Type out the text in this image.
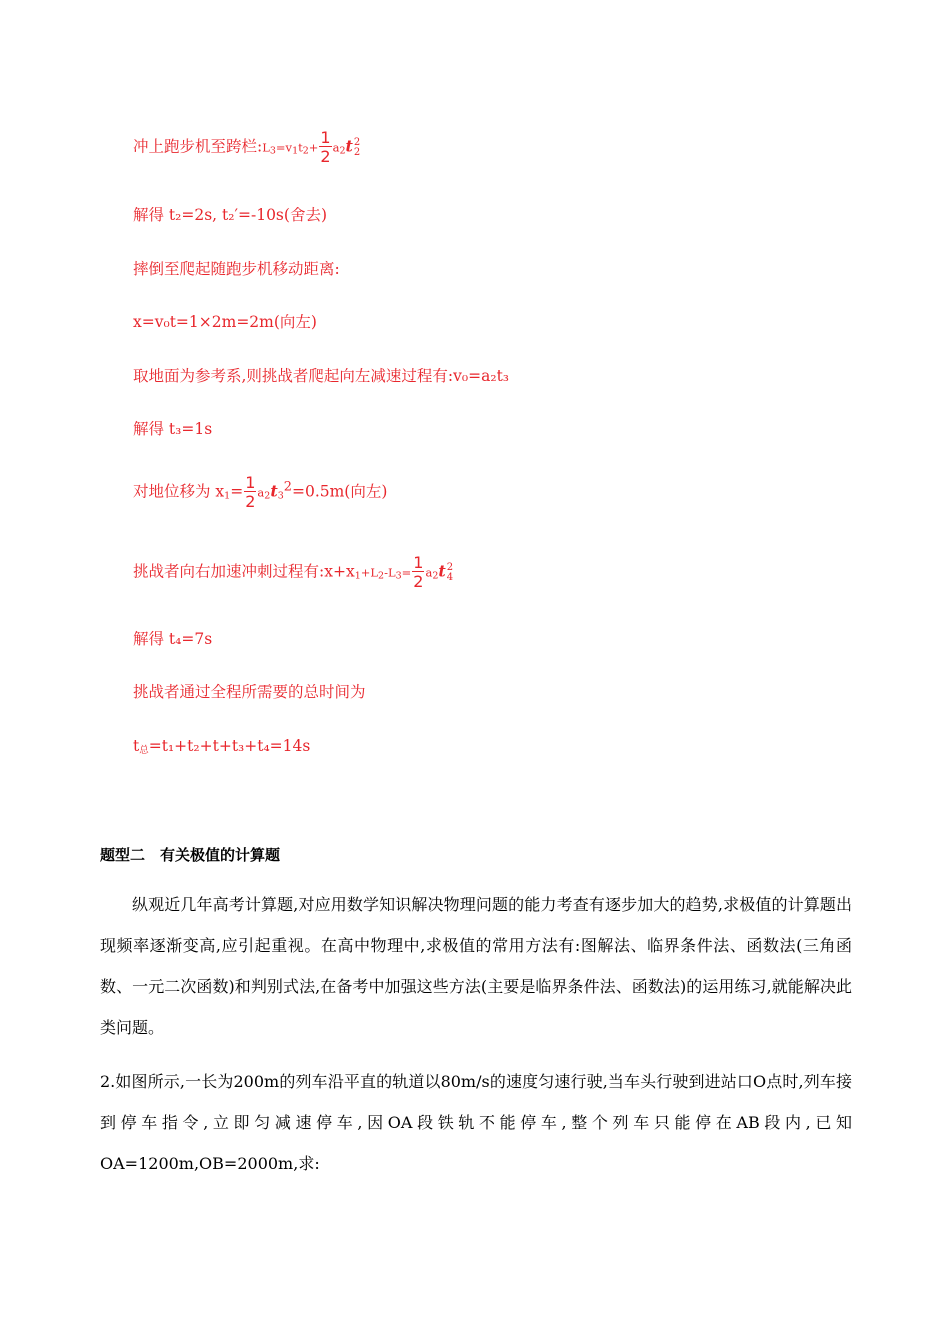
冲上跑步机至跨栏$:L_3=v_1t_2+ \frac{1}{2} a_2t$ 2
2
解得 t₂=2s, t₂′=-10s(舍去)
摔倒至爬起随跑步机移动距离:
x=v₀t=1×2m=2m(向左)
取地面为参考系,则挑战者爬起向左减速过程有:v₀=a₂t₃
解得 t₃=1s
对地位移为 $x_1= \frac{1}{2} a_2t_3^2=0.5m$(向左)
挑战者向右加速冲刺过程有$:x+x_1+L_2-L_3= \frac{1}{2} a_2t$ 2
4
解得 t₄=7s
挑战者通过全程所需要的总时间为
$t_总=t_1+t_2+t+t_3+t_4=14s$
题型二　有关极值的计算题
纵观近几年高考计算题,对应用数学知识解决物理问题的能力考查有逐步加大的趋势,求极值的计算题出现频率逐渐变高,应引起重视。在高中物理中,求极值的常用方法有:图解法、临界条件法、函数法(三角函数、一元二次函数)和判别式法,在备考中加强这些方法(主要是临界条件法、函数法)的运用练习,就能解决此类问题。
2.如图所示,一长为200m的列车沿平直的轨道以80m/s的速度匀速行驶,当车头行驶到进站口O点时,列车接到停车指令,立即匀减速停车,因OA段铁轨不能停车,整个列车只能停在AB段内,已知OA=1200m,OB=2000m,求:
